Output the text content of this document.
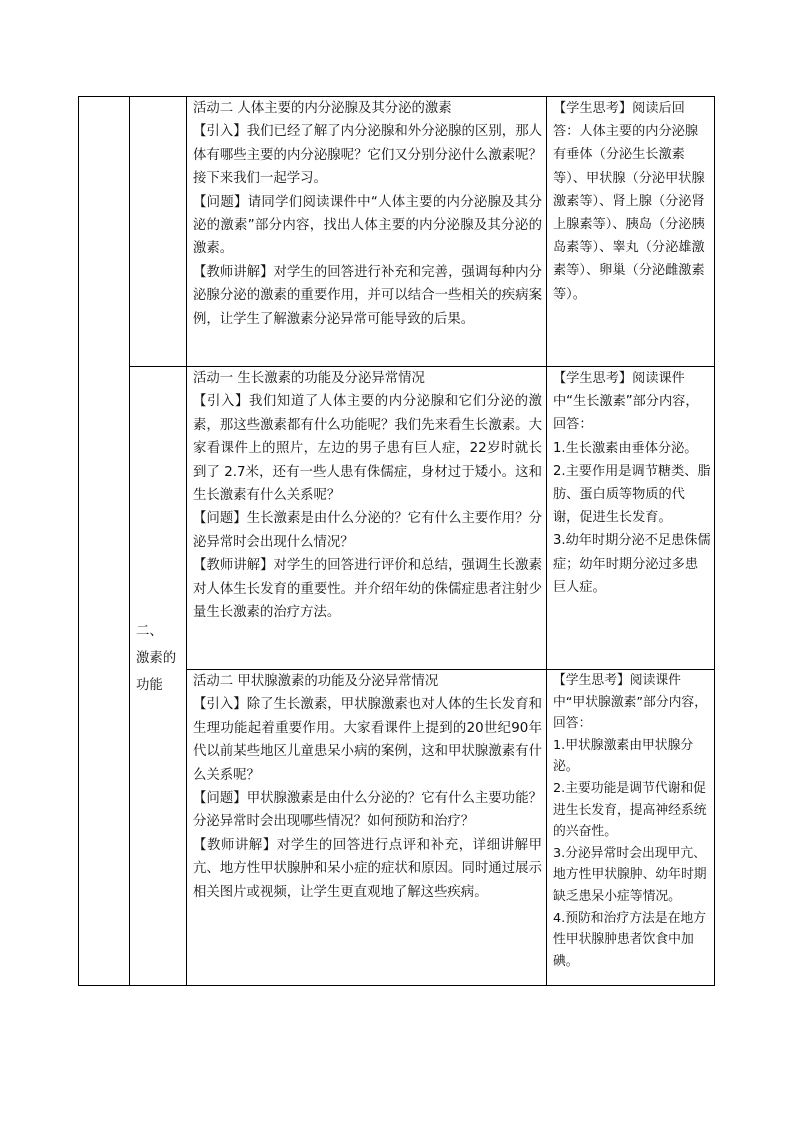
二、

激素的

功能

活动二 人体主要的内分泌腺及其分泌的激素

【引入】我们已经了解了内分泌腺和外分泌腺的区别，那人体有哪些主要的内分泌腺呢？它们又分别分泌什么激素呢？接下来我们一起学习。

【问题】请同学们阅读课件中“人体主要的内分泌腺及其分泌的激素”部分内容，找出人体主要的内分泌腺及其分泌的激素。

【教师讲解】对学生的回答进行补充和完善，强调每种内分泌腺分泌的激素的重要作用，并可以结合一些相关的疾病案例，让学生了解激素分泌异常可能导致的后果。

【学生思考】阅读后回答：人体主要的内分泌腺有垂体（分泌生长激素等）、甲状腺（分泌甲状腺激素等）、肾上腺（分泌肾上腺素等）、胰岛（分泌胰岛素等）、睾丸（分泌雄激素等）、卵巢（分泌雌激素等）。

活动一 生长激素的功能及分泌异常情况

【引入】我们知道了人体主要的内分泌腺和它们分泌的激素，那这些激素都有什么功能呢？我们先来看生长激素。大家看课件上的照片，左边的男子患有巨人症，22岁时就长到了 2.7米，还有一些人患有侏儒症，身材过于矮小。这和生长激素有什么关系呢？

【问题】生长激素是由什么分泌的？它有什么主要作用？分泌异常时会出现什么情况？

【教师讲解】对学生的回答进行评价和总结，强调生长激素对人体生长发育的重要性。并介绍年幼的侏儒症患者注射少量生长激素的治疗方法。

【学生思考】阅读课件中“生长激素”部分内容，回答：

1.生长激素由垂体分泌。

2.主要作用是调节糖类、脂肪、蛋白质等物质的代谢，促进生长发育。

3.幼年时期分泌不足患侏儒症；幼年时期分泌过多患巨人症。

活动二 甲状腺激素的功能及分泌异常情况

【引入】除了生长激素，甲状腺激素也对人体的生长发育和生理功能起着重要作用。大家看课件上提到的20世纪90年代以前某些地区儿童患呆小病的案例，这和甲状腺激素有什么关系呢？

【问题】甲状腺激素是由什么分泌的？它有什么主要功能？分泌异常时会出现哪些情况？如何预防和治疗？

【教师讲解】对学生的回答进行点评和补充，详细讲解甲亢、地方性甲状腺肿和呆小症的症状和原因。同时通过展示相关图片或视频，让学生更直观地了解这些疾病。

【学生思考】阅读课件中“甲状腺激素”部分内容，回答：

1.甲状腺激素由甲状腺分泌。

2.主要功能是调节代谢和促进生长发育，提高神经系统的兴奋性。

3.分泌异常时会出现甲亢、地方性甲状腺肿、幼年时期缺乏患呆小症等情况。

4.预防和治疗方法是在地方性甲状腺肿患者饮食中加碘。
